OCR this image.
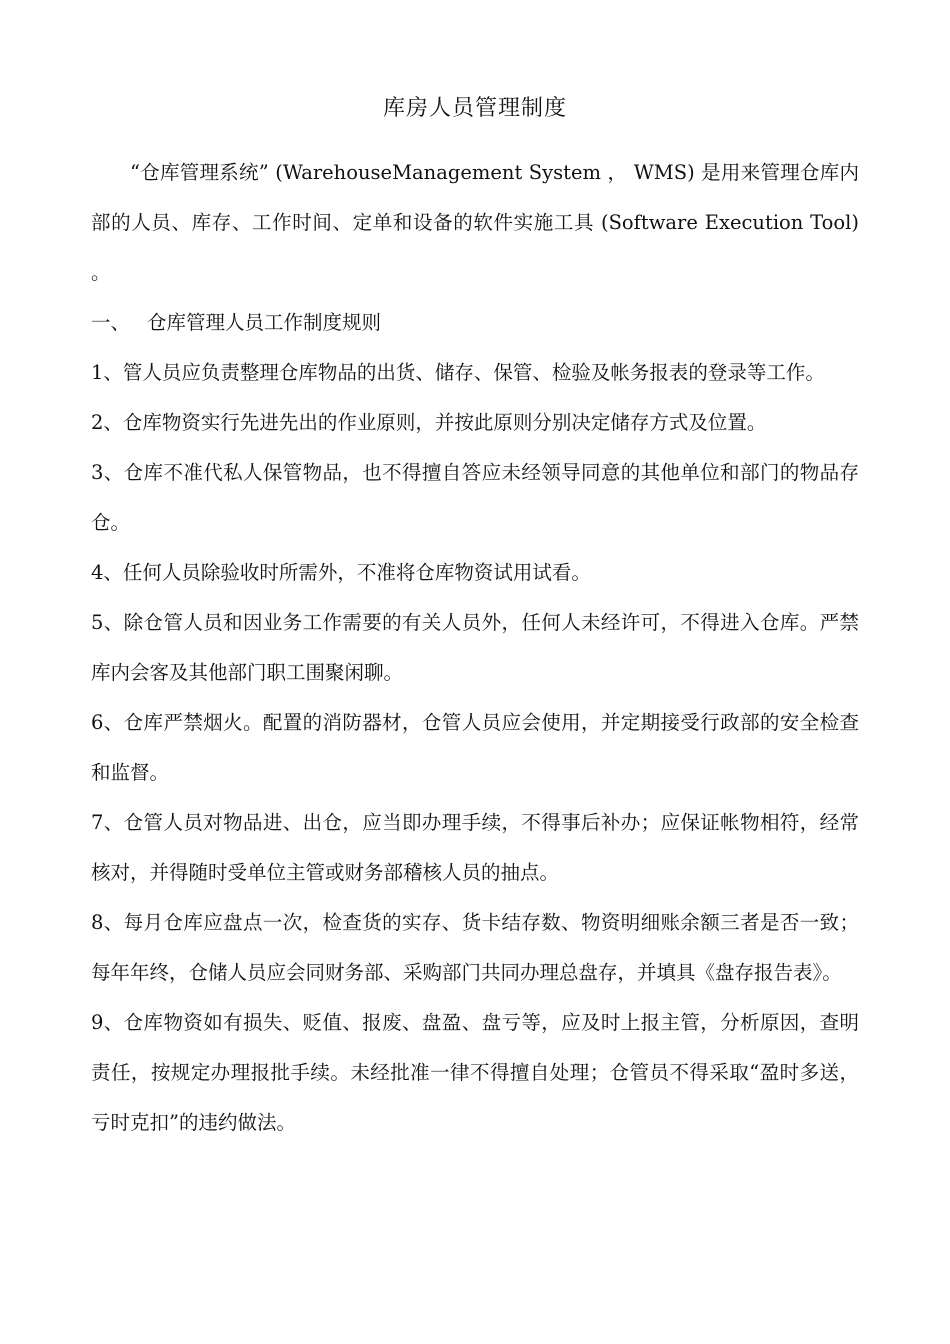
库房人员管理制度

“仓库管理系统” (WarehouseManagement System ， WMS) 是用来管理仓库内部的人员、库存、工作时间、定单和设备的软件实施工具 (Software Execution Tool) 。

一、 仓库管理人员工作制度规则

1、管人员应负责整理仓库物品的出货、储存、保管、检验及帐务报表的登录等工作。

2、仓库物资实行先进先出的作业原则，并按此原则分别决定储存方式及位置。

3、仓库不准代私人保管物品，也不得擅自答应未经领导同意的其他单位和部门的物品存仓。

4、任何人员除验收时所需外，不准将仓库物资试用试看。

5、除仓管人员和因业务工作需要的有关人员外，任何人未经许可，不得进入仓库。严禁库内会客及其他部门职工围聚闲聊。

6、仓库严禁烟火。配置的消防器材，仓管人员应会使用，并定期接受行政部的安全检查和监督。

7、仓管人员对物品进、出仓，应当即办理手续，不得事后补办；应保证帐物相符，经常核对，并得随时受单位主管或财务部稽核人员的抽点。

8、每月仓库应盘点一次，检查货的实存、货卡结存数、物资明细账余额三者是否一致；每年年终，仓储人员应会同财务部、采购部门共同办理总盘存，并填具《盘存报告表》。

9、仓库物资如有损失、贬值、报废、盘盈、盘亏等，应及时上报主管，分析原因，查明责任，按规定办理报批手续。未经批准一律不得擅自处理；仓管员不得采取“盈时多送，亏时克扣”的违约做法。
